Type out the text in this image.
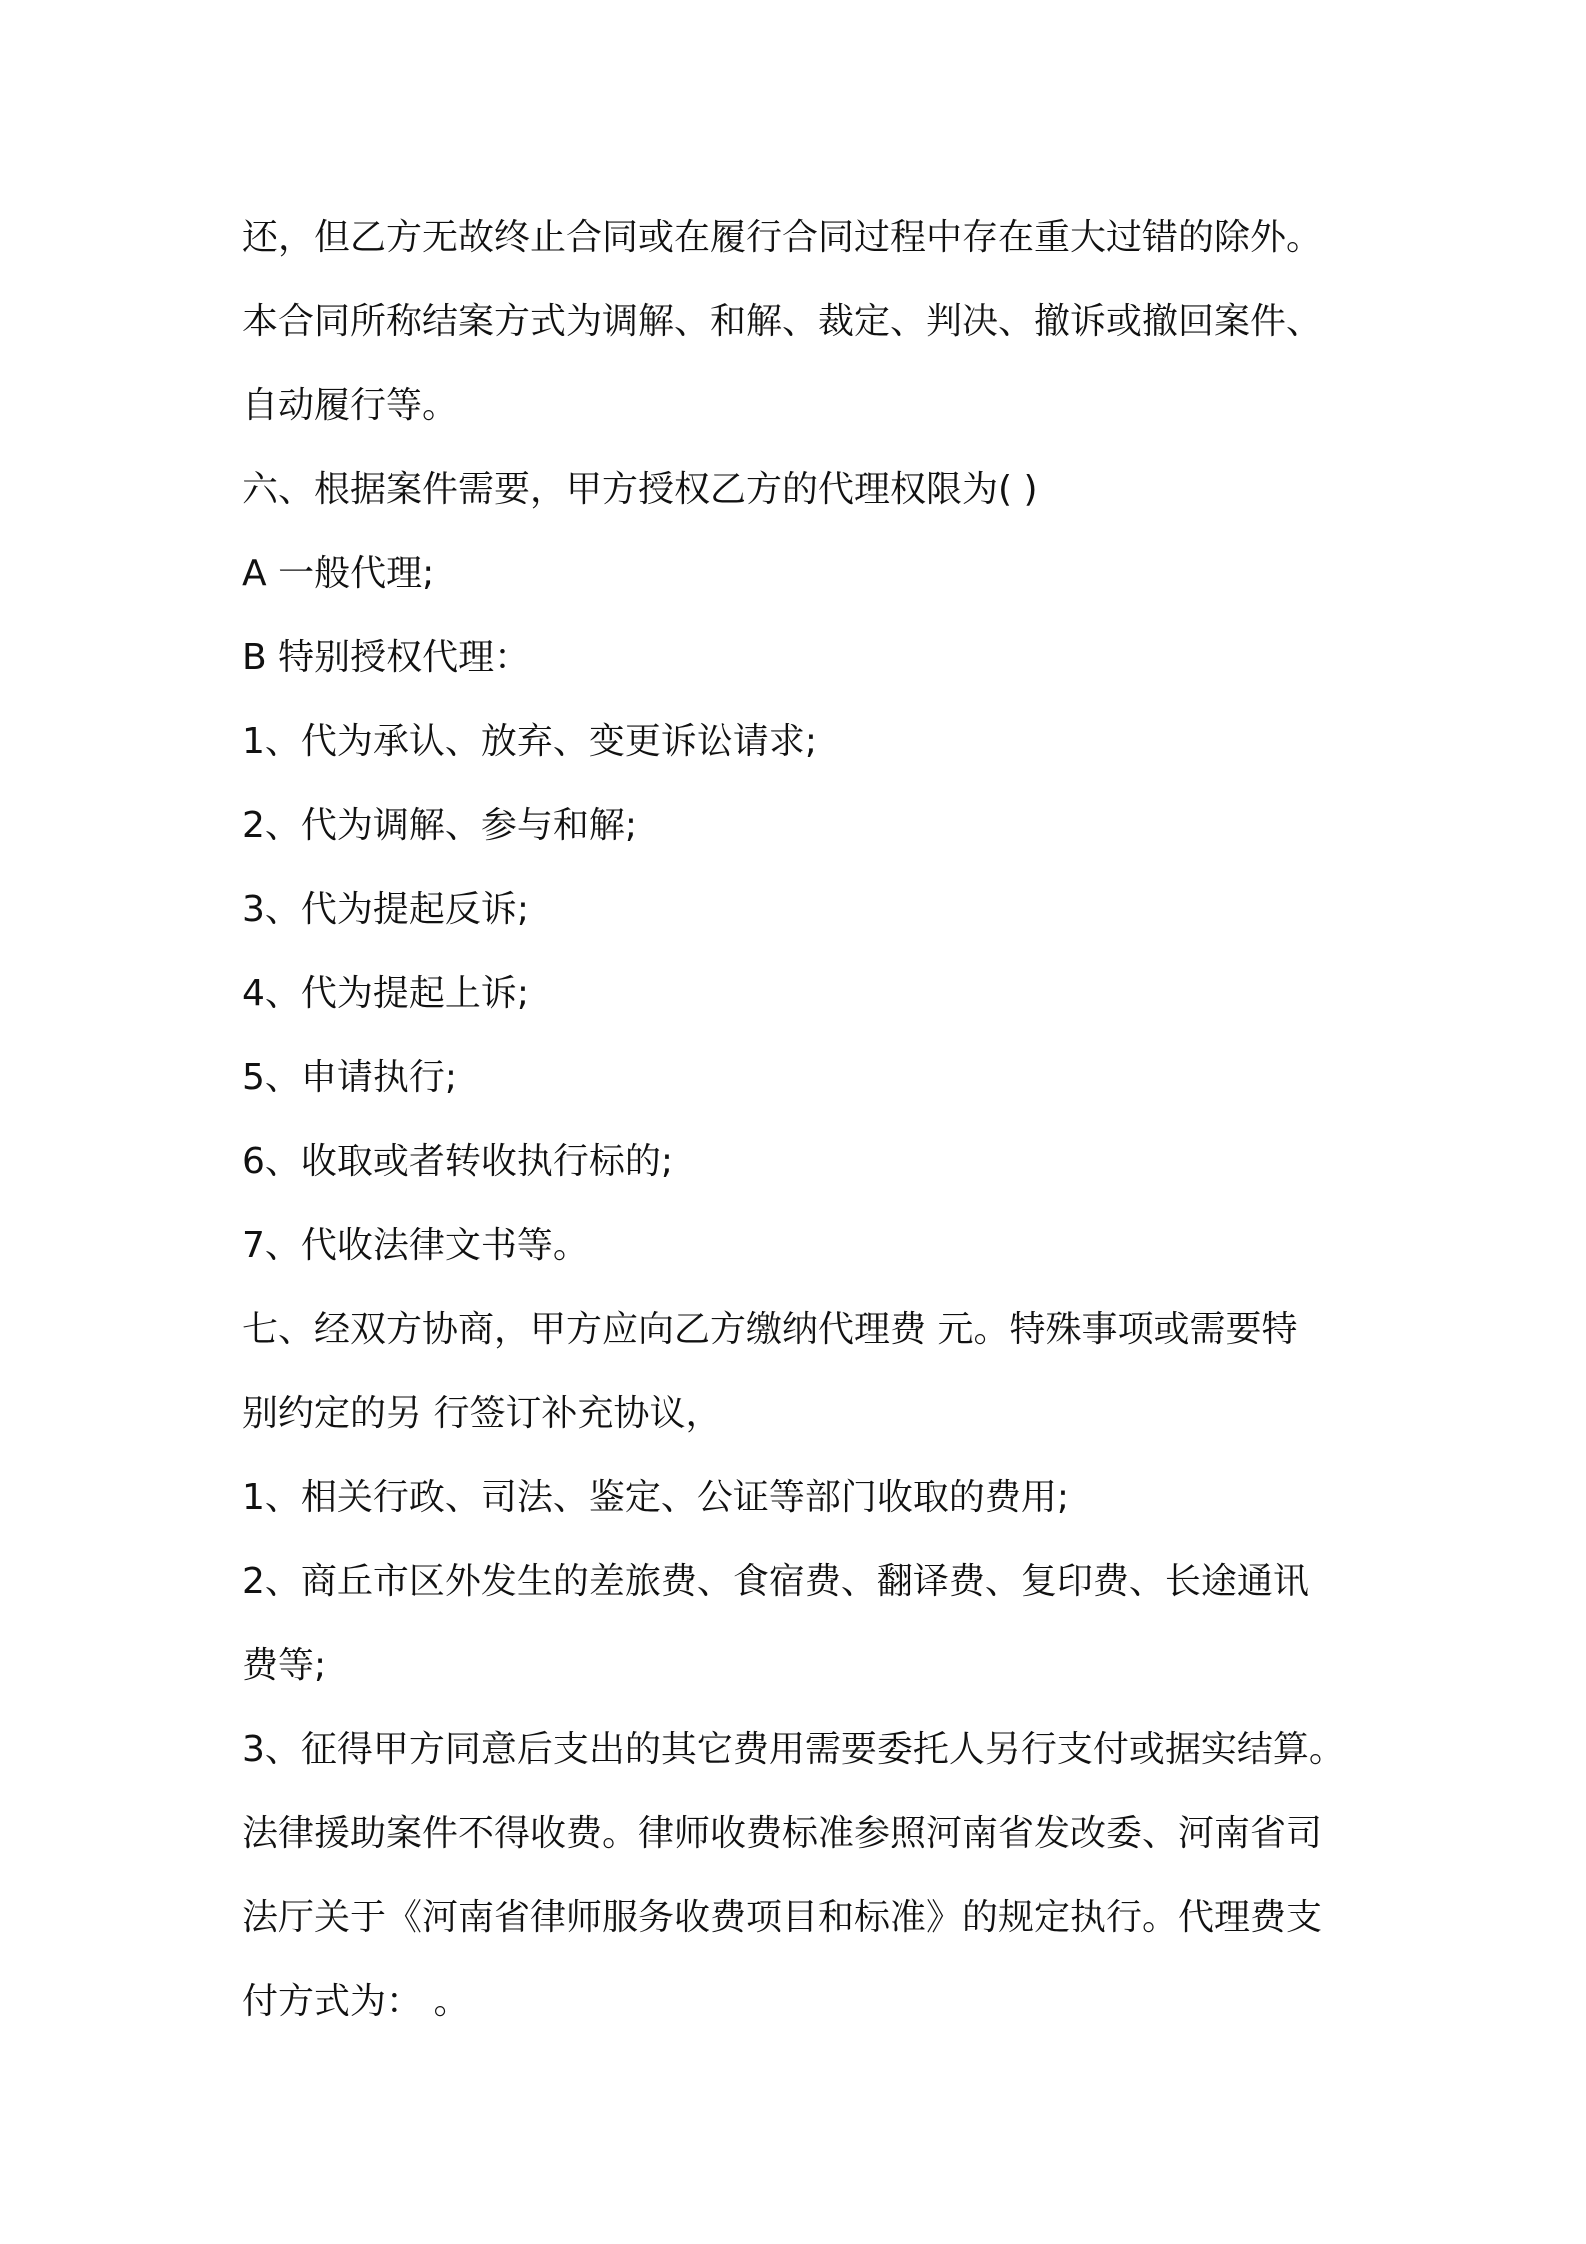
还，但乙方无故终止合同或在履行合同过程中存在重大过错的除外。
本合同所称结案方式为调解、和解、裁定、判决、撤诉或撤回案件、
自动履行等。
六、根据案件需要，甲方授权乙方的代理权限为( )
A 一般代理;
B 特别授权代理：
1、代为承认、放弃、变更诉讼请求;
2、代为调解、参与和解;
3、代为提起反诉;
4、代为提起上诉;
5、申请执行;
6、收取或者转收执行标的;
7、代收法律文书等。
七、经双方协商，甲方应向乙方缴纳代理费 元。特殊事项或需要特
别约定的另 行签订补充协议，
1、相关行政、司法、鉴定、公证等部门收取的费用;
2、商丘市区外发生的差旅费、食宿费、翻译费、复印费、长途通讯
费等;
3、征得甲方同意后支出的其它费用需要委托人另行支付或据实结算。
法律援助案件不得收费。律师收费标准参照河南省发改委、河南省司
法厅关于《河南省律师服务收费项目和标准》的规定执行。代理费支
付方式为： 。
